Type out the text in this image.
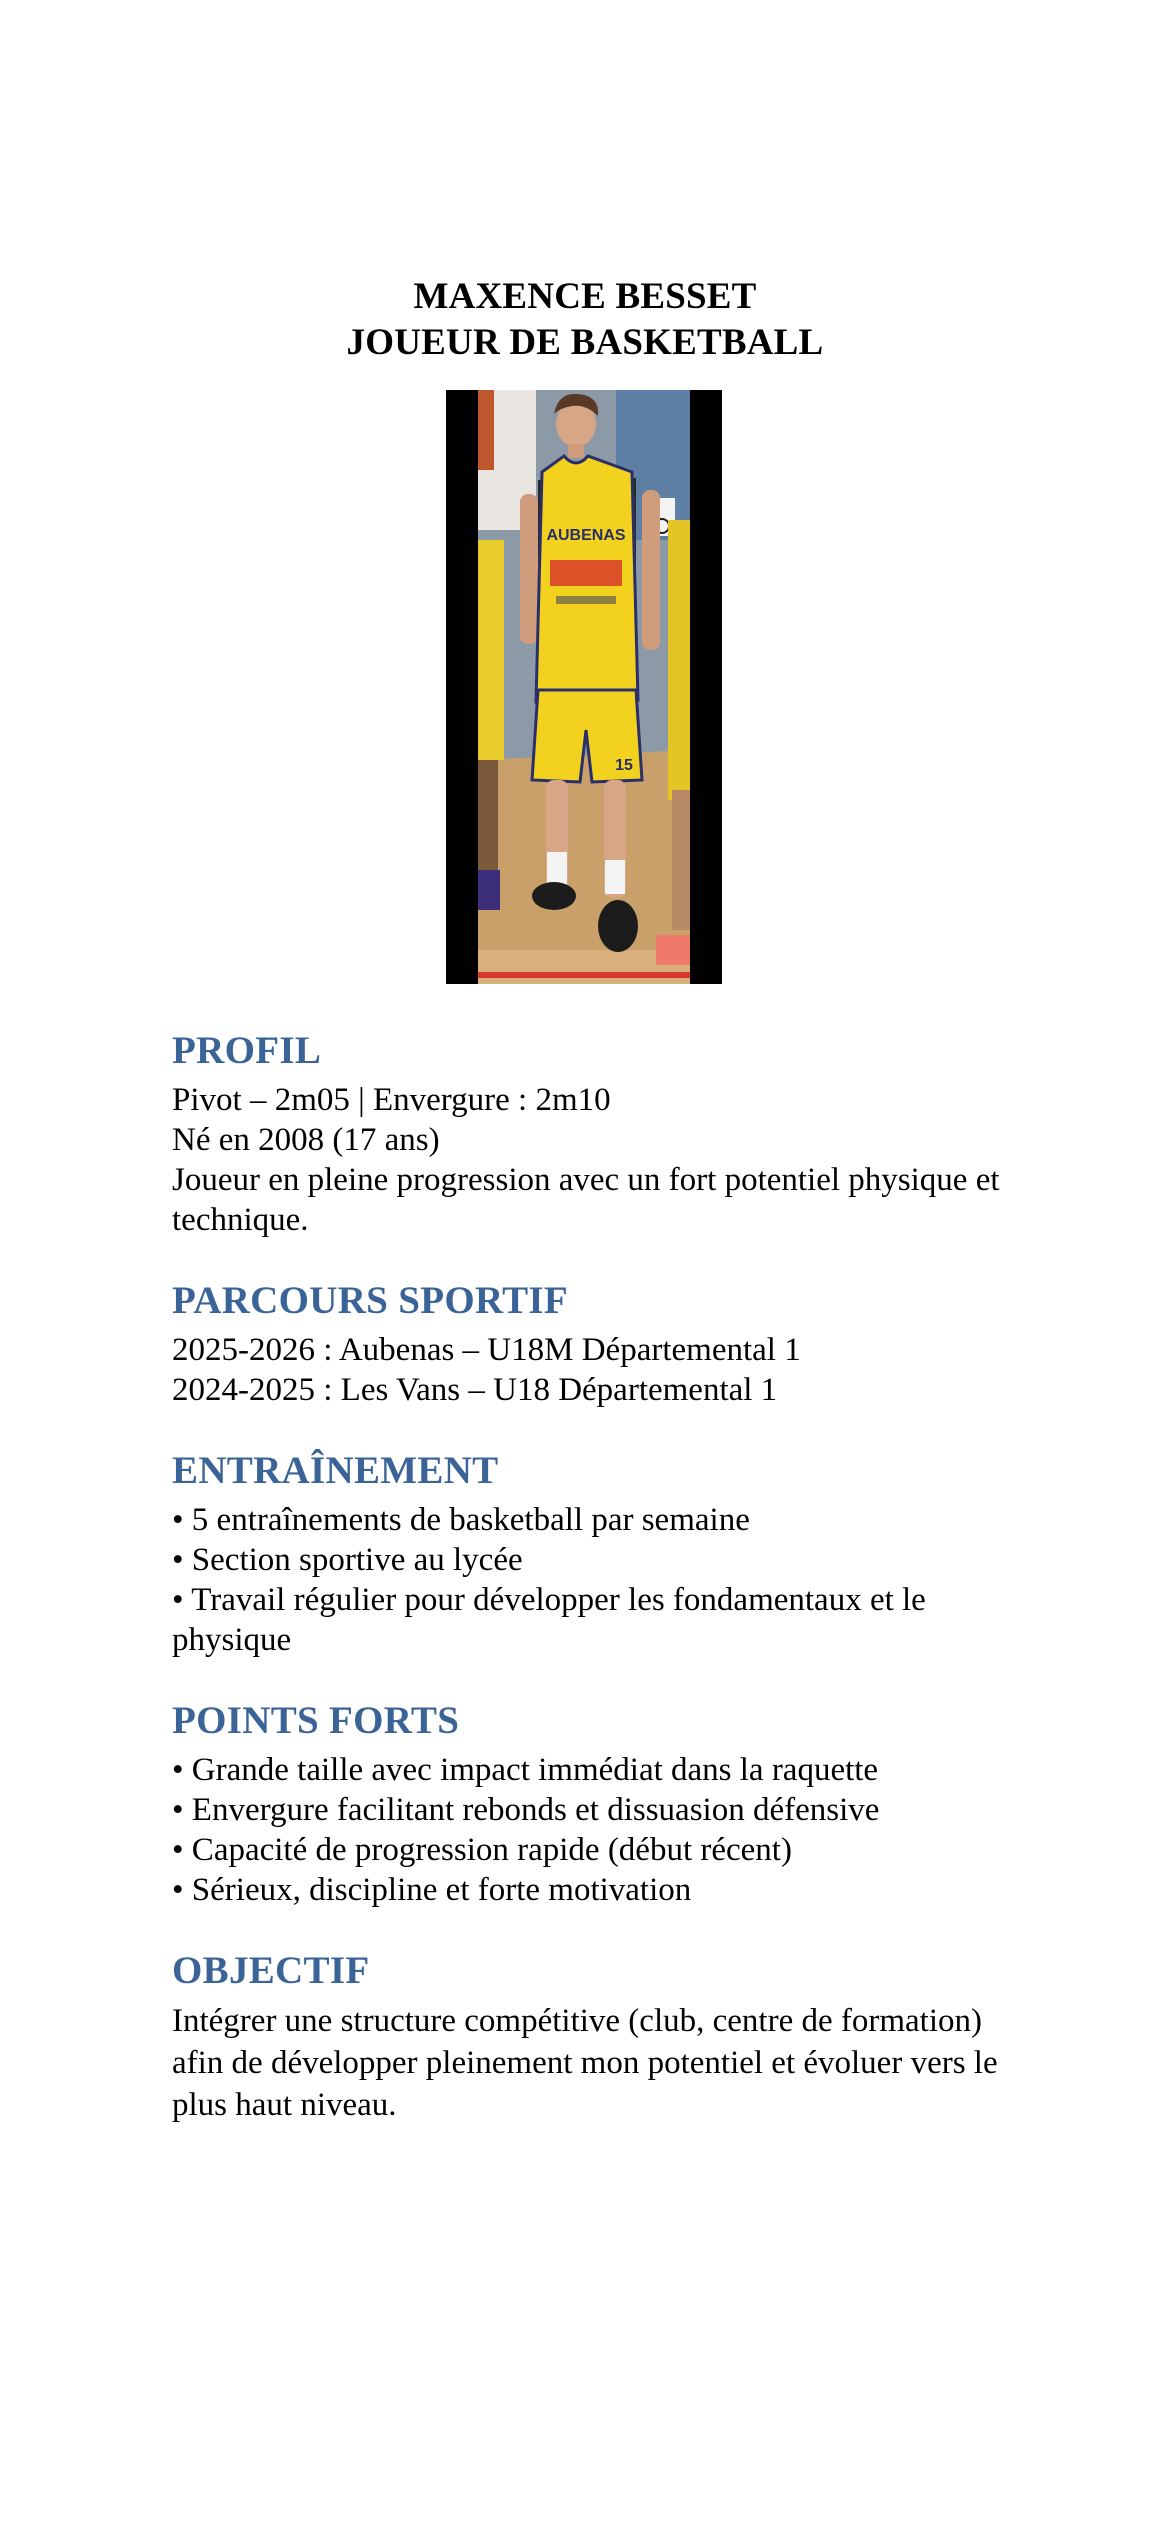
MAXENCE BESSET
JOUEUR DE BASKETBALL
AUBENAS
15
PROFIL

Pivot – 2m05 | Envergure : 2m10

Né en 2008 (17 ans)

Joueur en pleine progression avec un fort potentiel physique et technique.

PARCOURS SPORTIF

2025-2026 : Aubenas – U18M Départemental 1

2024-2025 : Les Vans – U18 Départemental 1

ENTRAÎNEMENT

• 5 entraînements de basketball par semaine

• Section sportive au lycée

• Travail régulier pour développer les fondamentaux et le physique

POINTS FORTS

• Grande taille avec impact immédiat dans la raquette

• Envergure facilitant rebonds et dissuasion défensive

• Capacité de progression rapide (début récent)

• Sérieux, discipline et forte motivation

OBJECTIF

Intégrer une structure compétitive (club, centre de formation) afin de développer pleinement mon potentiel et évoluer vers le plus haut niveau.
